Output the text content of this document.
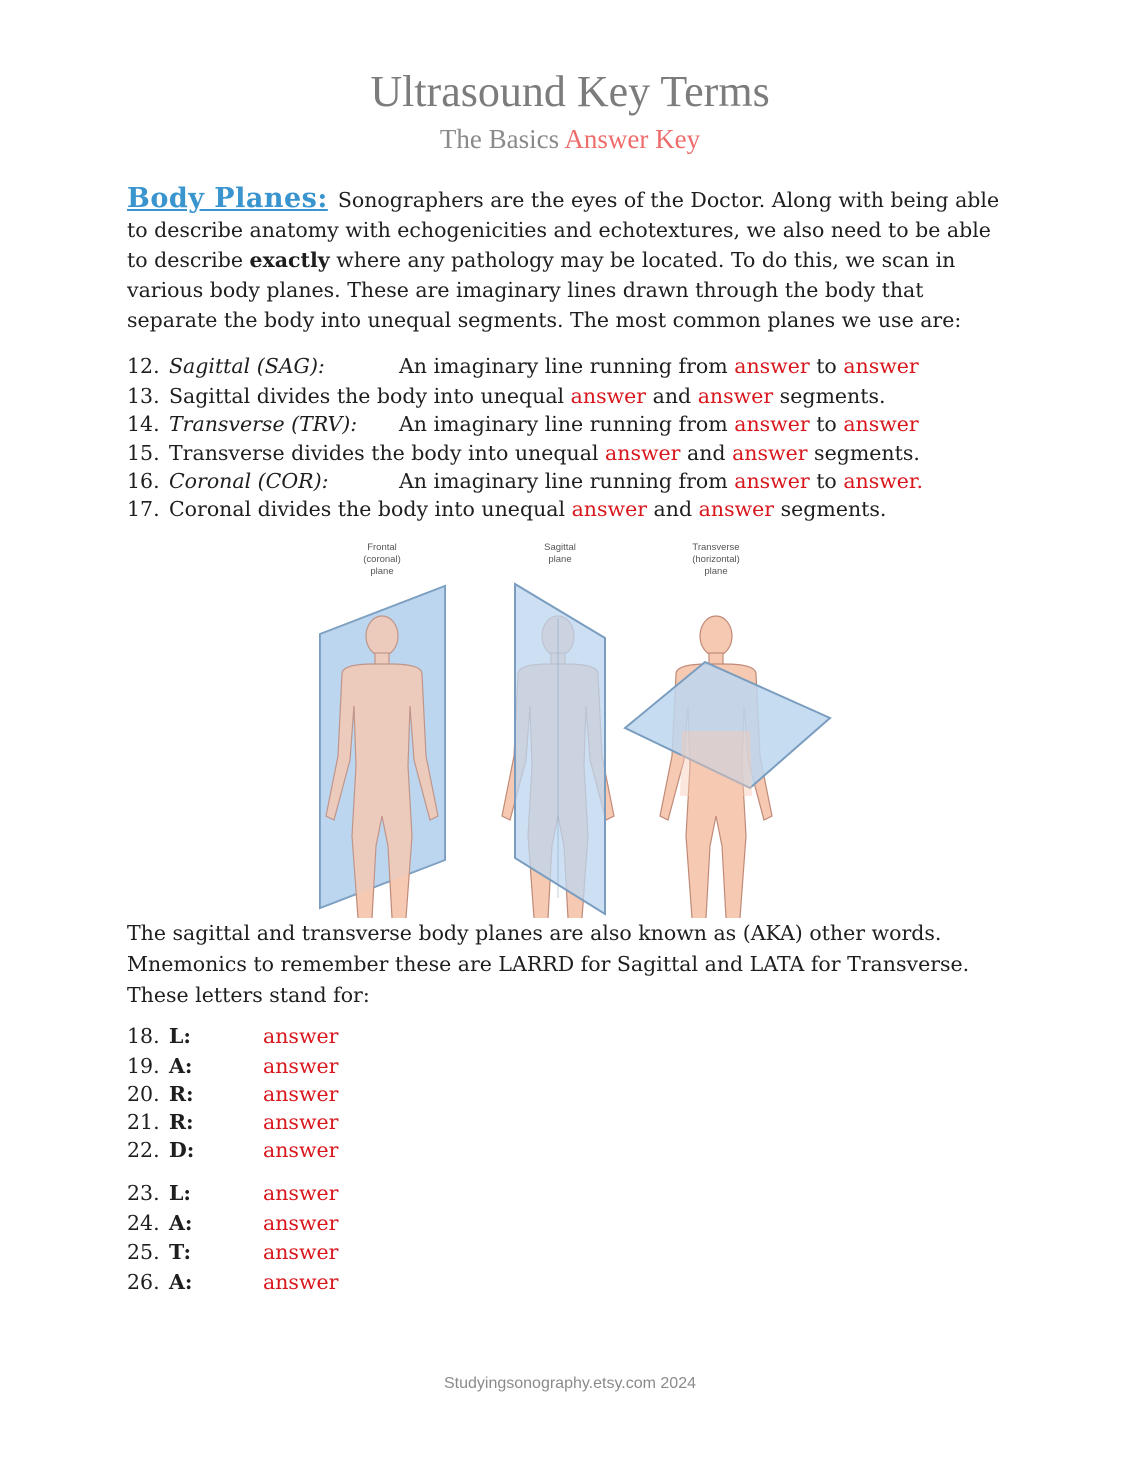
Ultrasound Key Terms
The Basics Answer Key
Body Planes: Sonographers are the eyes of the Doctor. Along with being able to describe anatomy with echogenicities and echotextures, we also need to be able to describe exactly where any pathology may be located. To do this, we scan in various body planes. These are imaginary lines drawn through the body that separate the body into unequal segments. The most common planes we use are:
12. Sagittal (SAG):	An imaginary line running from answer to answer
13. Sagittal divides the body into unequal answer and answer segments.
14. Transverse (TRV): An imaginary line running from answer to answer
15. Transverse divides the body into unequal answer and answer segments.
16. Coronal (COR):	An imaginary line running from answer to answer.
17. Coronal divides the body into unequal answer and answer segments.
Frontal
(coronal)
plane
Sagittal
plane
Transverse
(horizontal)
plane
The sagittal and transverse body planes are also known as (AKA) other words.
Mnemonics to remember these are LARRD for Sagittal and LATA for Transverse.
These letters stand for:
18. L:	answer
19. A:	answer
20. R:	answer
21. R:	answer
22. D:	answer
23. L:	answer
24. A:	answer
25. T:	answer
26. A:	answer
Studyingsonography.etsy.com 2024
